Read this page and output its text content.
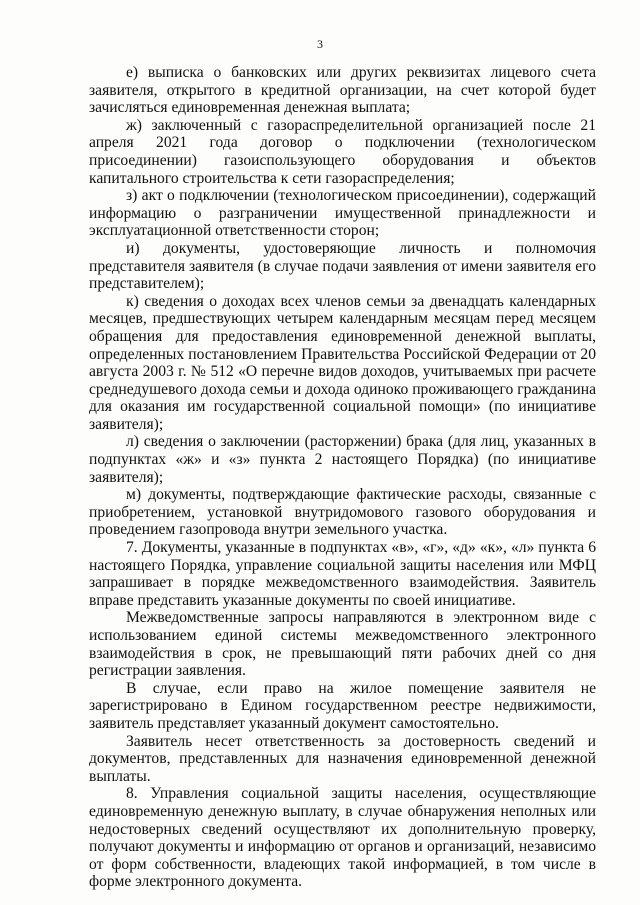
3

е) выписка о банковских или других реквизитах лицевого счета заявителя, открытого в кредитной организации, на счет которой будет зачисляться единовременная денежная выплата;

ж) заключенный с газораспределительной организацией после 21 апреля 2021 года договор о подключении (технологическом присоединении) газоиспользующего оборудования и объектов капитального строительства к сети газораспределения;

з) акт о подключении (технологическом присоединении), содержащий информацию о разграничении имущественной принадлежности и эксплуатационной ответственности сторон;

и) документы, удостоверяющие личность и полномочия представителя заявителя (в случае подачи заявления от имени заявителя его представителем);

к) сведения о доходах всех членов семьи за двенадцать календарных месяцев, предшествующих четырем календарным месяцам перед месяцем обращения для предоставления единовременной денежной выплаты, определенных постановлением Правительства Российской Федерации от 20 августа 2003 г. № 512 «О перечне видов доходов, учитываемых при расчете среднедушевого дохода семьи и дохода одиноко проживающего гражданина для оказания им государственной социальной помощи» (по инициативе заявителя);

л) сведения о заключении (расторжении) брака (для лиц, указанных в подпунктах «ж» и «з» пункта 2 настоящего Порядка) (по инициативе заявителя);

м) документы, подтверждающие фактические расходы, связанные с приобретением, установкой внутридомового газового оборудования и проведением газопровода внутри земельного участка.

7. Документы, указанные в подпунктах «в», «г», «д» «к», «л» пункта 6 настоящего Порядка, управление социальной защиты населения или МФЦ запрашивает в порядке межведомственного взаимодействия. Заявитель вправе представить указанные документы по своей инициативе.

Межведомственные запросы направляются в электронном виде с использованием единой системы межведомственного электронного взаимодействия в срок, не превышающий пяти рабочих дней со дня регистрации заявления.

В случае, если право на жилое помещение заявителя не зарегистрировано в Едином государственном реестре недвижимости, заявитель представляет указанный документ самостоятельно.

Заявитель несет ответственность за достоверность сведений и документов, представленных для назначения единовременной денежной выплаты.

8. Управления социальной защиты населения, осуществляющие единовременную денежную выплату, в случае обнаружения неполных или недостоверных сведений осуществляют их дополнительную проверку, получают документы и информацию от органов и организаций, независимо от форм собственности, владеющих такой информацией, в том числе в форме электронного документа.
